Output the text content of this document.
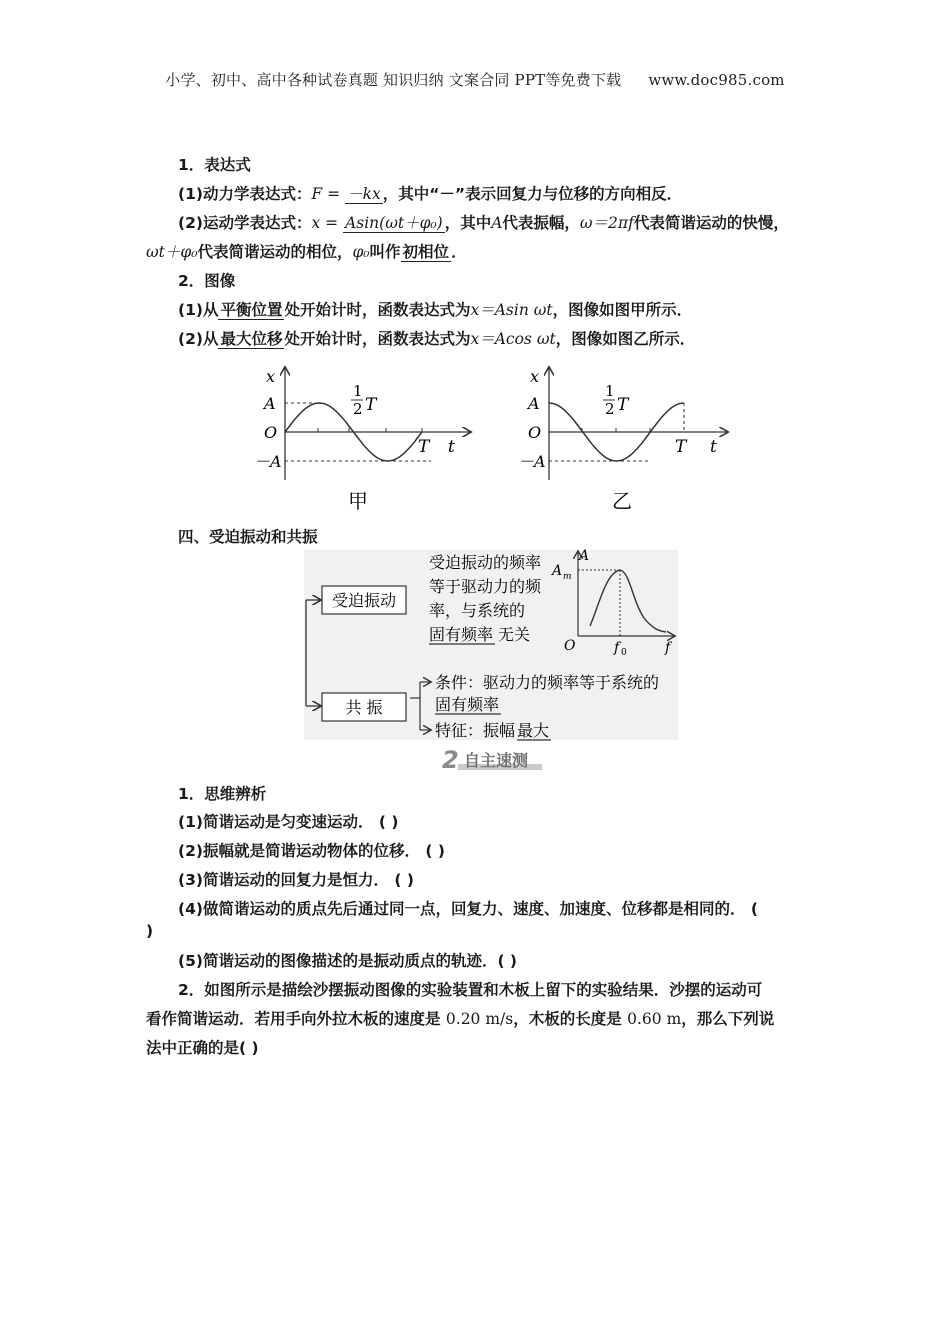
小学、初中、高中各种试卷真题 知识归纳 文案合同 PPT等免费下载 www.doc985.com
1．表达式
(1)动力学表达式：F = －kx ，其中“－”表示回复力与位移的方向相反．
(2)运动学表达式：x = Asin(ωt＋φ₀) ，其中A代表振幅，ω＝2πf代表简谐运动的快慢，
ωt＋φ₀代表简谐运动的相位，φ₀叫作 初相位 ．
2．图像
(1)从 平衡位置 处开始计时，函数表达式为x＝Asin ωt，图像如图甲所示．
(2)从 最大位移 处开始计时，函数表达式为x＝Acos ωt，图像如图乙所示．
x
A
O
－A
1
2 T
T t
甲
x
A
O
－A
1
2 T
T t
乙
四、受迫振动和共振
受迫振动
共 振
受迫振动的频率
等于驱动力的频
率，与系统的
固有频率 无关
条件：驱动力的频率等于系统的
固有频率
特征：振幅 最大
A
A m
O	f 0	f
2 自主速测
1．思维辨析
(1)简谐运动是匀变速运动． ( )
(2)振幅就是简谐运动物体的位移． ( )
(3)简谐运动的回复力是恒力． ( )
(4)做简谐运动的质点先后通过同一点，回复力、速度、加速度、位移都是相同的． (
)
(5)简谐运动的图像描述的是振动质点的轨迹．( )
2．如图所示是描绘沙摆振动图像的实验装置和木板上留下的实验结果．沙摆的运动可
看作简谐运动．若用手向外拉木板的速度是 0.20 m/s，木板的长度是 0.60 m，那么下列说
法中正确的是( )
